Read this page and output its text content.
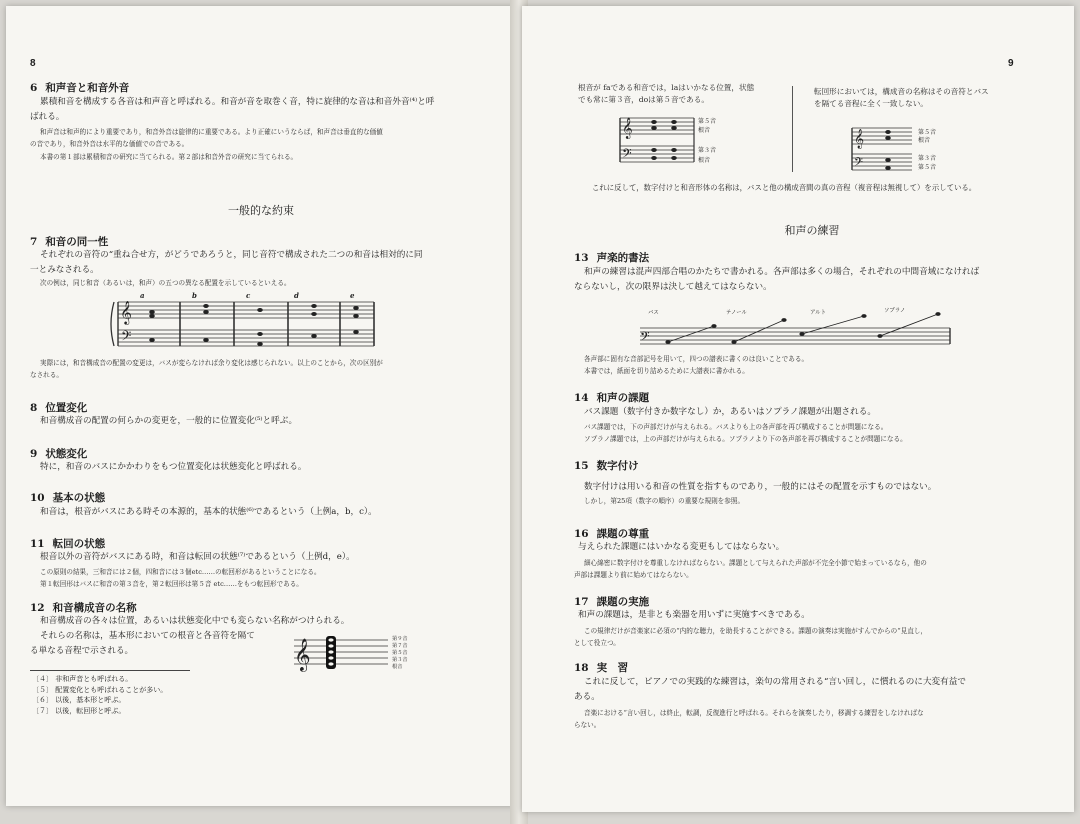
8
6 和声音と和音外音
累積和音を構成する各音は和声音と呼ばれる。和音が音を取巻く音，特に旋律的な音は和音外音⁽⁴⁾と呼
ばれる。
和声音は和声的により重要であり，和音外音は旋律的に重要である。より正確にいうならば，和声音は垂直的な価値
の音であり，和音外音は水平的な価値での音である。
本書の第１部は累積和音の研究に当てられる。第２部は和音外音の研究に当てられる。
一般的な約束
7 和音の同一性
それぞれの音符の“重ね合せ方，がどうであろうと，同じ音符で構成された二つの和音は相対的に同
一とみなされる。
次の例は，同じ和音（あるいは，和声）の五つの異なる配置を示しているといえる。
𝄞
𝄢
a	b	c	d	e
実際には，和音構成音の配置の変更は，バスが変らなければ余り変化は感じられない。以上のことから，次の区別が
なされる。
8 位置変化
和音構成音の配置の何らかの変更を，一般的に位置変化⁽⁵⁾と呼ぶ。
9 状態変化
特に，和音のバスにかかわりをもつ位置変化は状態変化と呼ばれる。
10 基本の状態
和音は，根音がバスにある時その本源的，基本的状態⁽⁶⁾であるという（上例a，b，c）。
11 転回の状態
根音以外の音符がバスにある時，和音は転回の状態⁽⁷⁾であるという（上例d，e）。
この原則の結果，三和音には２個，四和音には３個etc……の転回形があるということになる。
第１転回形はバスに和音の第３音を，第２転回形は第５音 etc……をもつ転回形である。
12 和音構成音の名称
和音構成音の各々は位置，あるいは状態変化中でも変らない名称がつけられる。
それらの名称は，基本形においての根音と各音符を隔て
る単なる音程で示される。	𝄞	第９音
第７音
第５音
第３音
根音
〔４〕 非和声音とも呼ばれる。
〔５〕 配置変化とも呼ばれることが多い。
〔６〕 以後，基本形と呼ぶ。
〔７〕 以後，転回形と呼ぶ。
9
根音が faである和音では，laはいかなる位置，状態
でも常に第３音，doは第５音である。
𝄞
𝄢
第５音
根音
第３音
根音
転回形においては，構成音の名称はその音符とバス
を隔てる音程に全く一致しない。
𝄞
𝄢
第５音
根音
第３音
第５音
これに反して，数字付けと和音形体の名称は，バスと他の構成音間の真の音程（複音程は無視して）を示している。
和声の練習
13 声楽的書法
和声の練習は混声四部合唱のかたちで書かれる。各声部は多くの場合，それぞれの中間音域になければ
ならないし，次の限界は決して越えてはならない。
𝄢
バス	テノール	アルト	ソプラノ
各声部に固有な音部記号を用いて，四つの譜表に書くのは良いことである。
本書では，紙面を切り詰めるために大譜表に書かれる。
14 和声の課題
バス課題（数字付きか数字なし）か，あるいはソプラノ課題が出題される。
バス課題では，下の声部だけが与えられる。バスよりも上の各声部を再び構成することが問題になる。
ソプラノ課題では，上の声部だけが与えられる。ソプラノより下の各声部を再び構成することが問題になる。
15 数字付け
数字付けは用いる和音の性質を指すものであり，一般的にはその配置を示すものではない。
しかし，第25項（数字の順序）の重要な規則を参照。
16 課題の尊重
与えられた課題にはいかなる変更もしてはならない。
細心綿密に数字付けを尊重しなければならない。課題として与えられた声部が不完全小節で始まっているなら，他の
声部は課題より前に始めてはならない。
17 課題の実施
和声の課題は，是非とも楽器を用いずに実施すべきである。
この規律だけが音楽家に必須の“内的な聴力，を助長することができる。課題の演奏は実施がすんでからの“見直し，
として役立つ。
18 実　習
これに反して，ピアノでの実践的な練習は，楽句の常用される“言い回し，に慣れるのに大変有益で
ある。
音楽における“言い回し，は終止，転調，反復進行と呼ばれる。それらを演奏したり，移調する練習をしなければな
らない。
